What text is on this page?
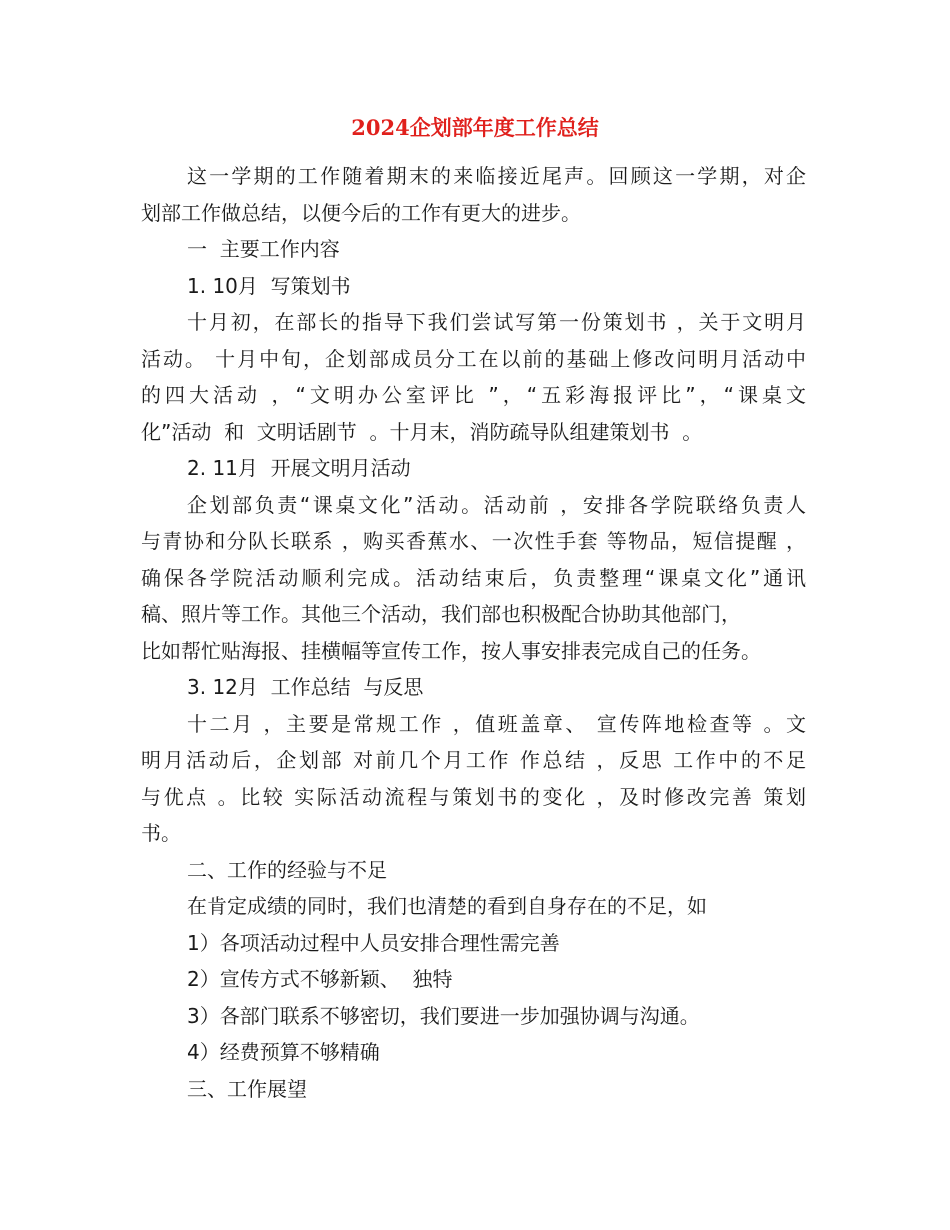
2024企划部年度工作总结
这一学期的工作随着期末的来临接近尾声。回顾这一学期，对企
划部工作做总结，以便今后的工作有更大的进步。
一  主要工作内容
1. 10月  写策划书
十月初，在部长的指导下我们尝试写第一份策划书 ，关于文明月
活动。 十月中旬，企划部成员分工在以前的基础上修改问明月活动中
的四大活动 ，“文明办公室评比 ”，“五彩海报评比”，“课桌文
化”活动  和  文明话剧节  。十月末，消防疏导队组建策划书  。
2. 11月  开展文明月活动
企划部负责“课桌文化”活动。活动前 ，安排各学院联络负责人
与青协和分队长联系 ，购买香蕉水、一次性手套 等物品，短信提醒 ，
确保各学院活动顺利完成。活动结束后，负责整理“课桌文化”通讯
稿、照片等工作。其他三个活动，我们部也积极配合协助其他部门，
比如帮忙贴海报、挂横幅等宣传工作，按人事安排表完成自己的任务。
3. 12月  工作总结  与反思
十二月 ，主要是常规工作 ，值班盖章、 宣传阵地检查等 。文
明月活动后，企划部 对前几个月工作 作总结 ，反思 工作中的不足
与优点 。比较 实际活动流程与策划书的变化 ，及时修改完善 策划
书。
二、工作的经验与不足
在肯定成绩的同时，我们也清楚的看到自身存在的不足，如
1）各项活动过程中人员安排合理性需完善
2）宣传方式不够新颖、  独特
3）各部门联系不够密切，我们要进一步加强协调与沟通。
4）经费预算不够精确
三、工作展望
